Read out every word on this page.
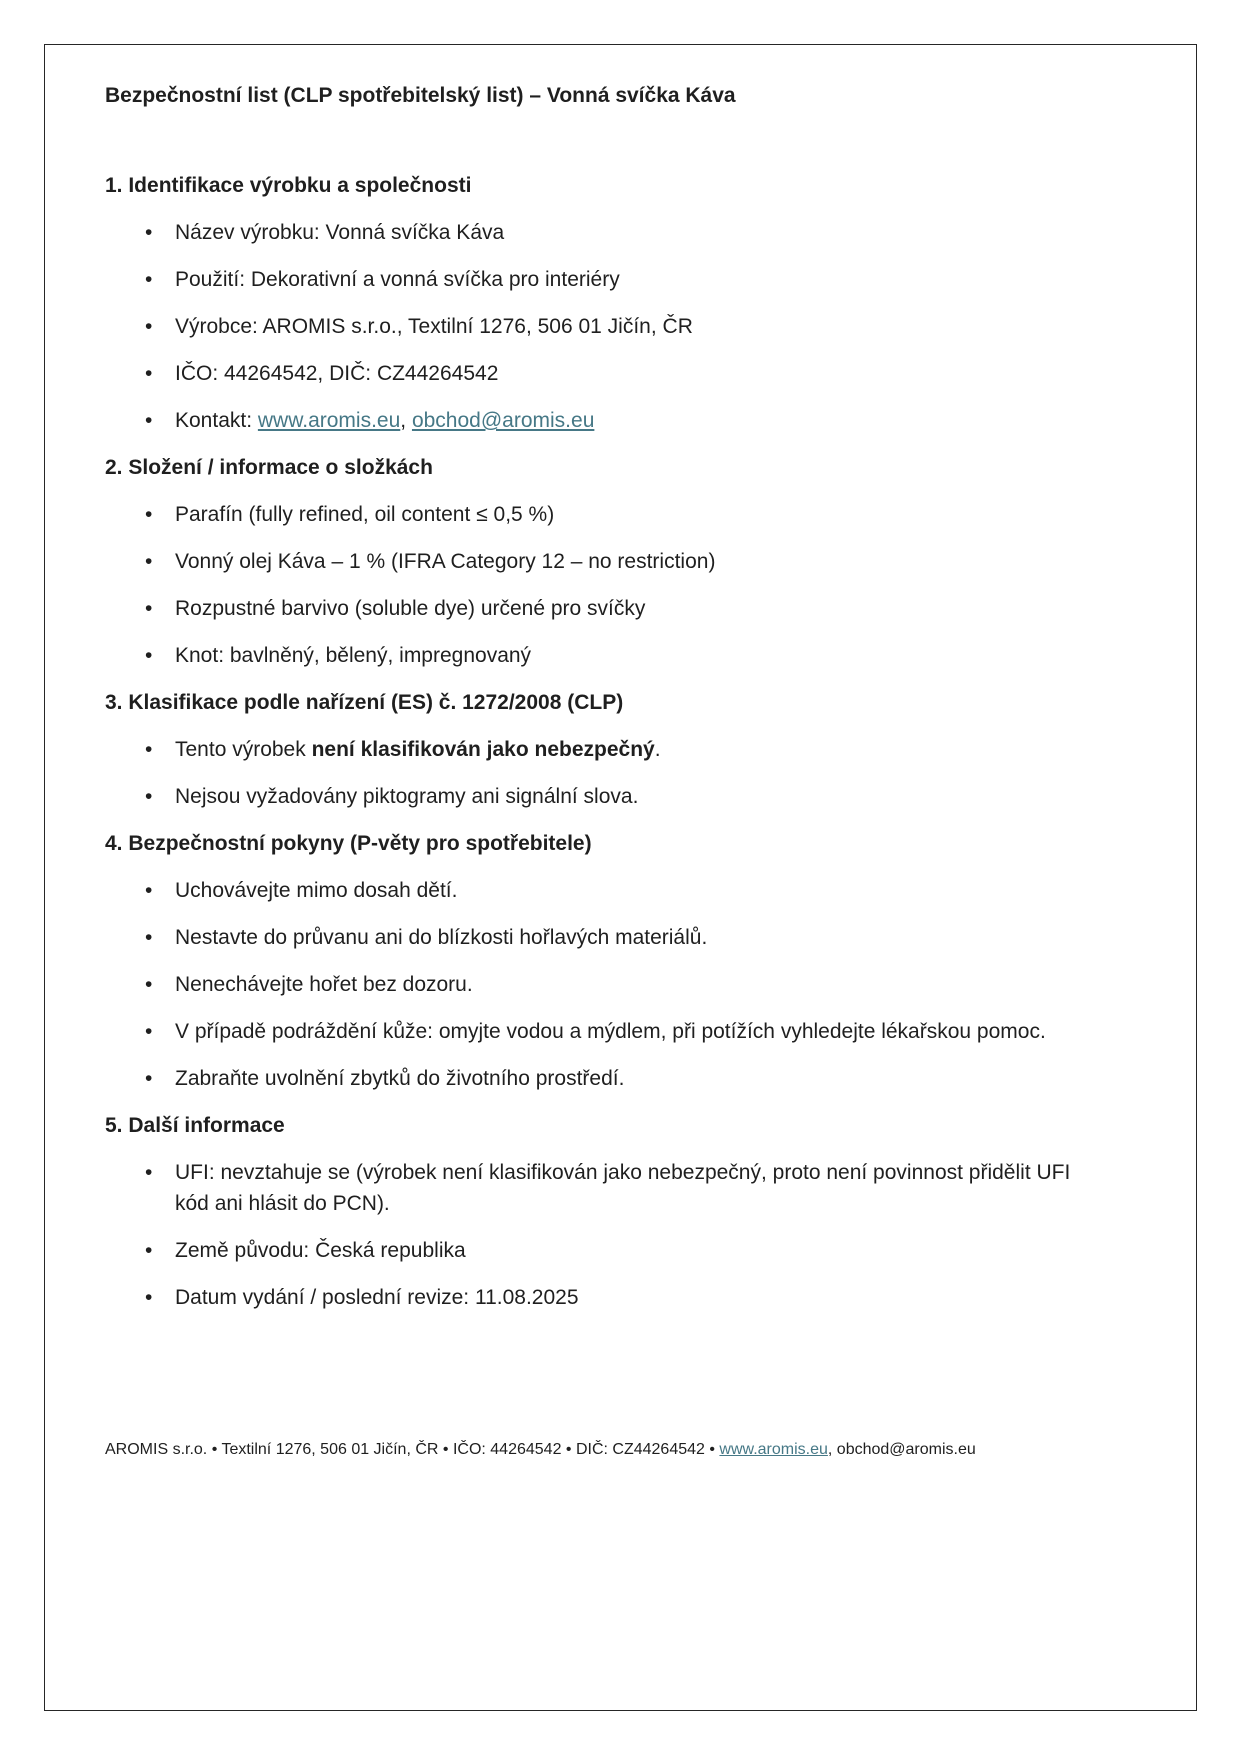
Bezpečnostní list (CLP spotřebitelský list) – Vonná svíčka Káva
1. Identifikace výrobku a společnosti
• Název výrobku: Vonná svíčka Káva
• Použití: Dekorativní a vonná svíčka pro interiéry
• Výrobce: AROMIS s.r.o., Textilní 1276, 506 01 Jičín, ČR
• IČO: 44264542, DIČ: CZ44264542
• Kontakt: www.aromis.eu, obchod@aromis.eu
2. Složení / informace o složkách
• Parafín (fully refined, oil content ≤ 0,5 %)
• Vonný olej Káva – 1 % (IFRA Category 12 – no restriction)
• Rozpustné barvivo (soluble dye) určené pro svíčky
• Knot: bavlněný, bělený, impregnovaný
3. Klasifikace podle nařízení (ES) č. 1272/2008 (CLP)
• Tento výrobek není klasifikován jako nebezpečný.
• Nejsou vyžadovány piktogramy ani signální slova.
4. Bezpečnostní pokyny (P-věty pro spotřebitele)
• Uchovávejte mimo dosah dětí.
• Nestavte do průvanu ani do blízkosti hořlavých materiálů.
• Nenechávejte hořet bez dozoru.
• V případě podráždění kůže: omyjte vodou a mýdlem, při potížích vyhledejte lékařskou pomoc.
• Zabraňte uvolnění zbytků do životního prostředí.
5. Další informace
• UFI: nevztahuje se (výrobek není klasifikován jako nebezpečný, proto není povinnost přidělit UFI kód ani hlásit do PCN).
• Země původu: Česká republika
• Datum vydání / poslední revize: 11.08.2025
AROMIS s.r.o. • Textilní 1276, 506 01 Jičín, ČR • IČO: 44264542 • DIČ: CZ44264542 • www.aromis.eu, obchod@aromis.eu
